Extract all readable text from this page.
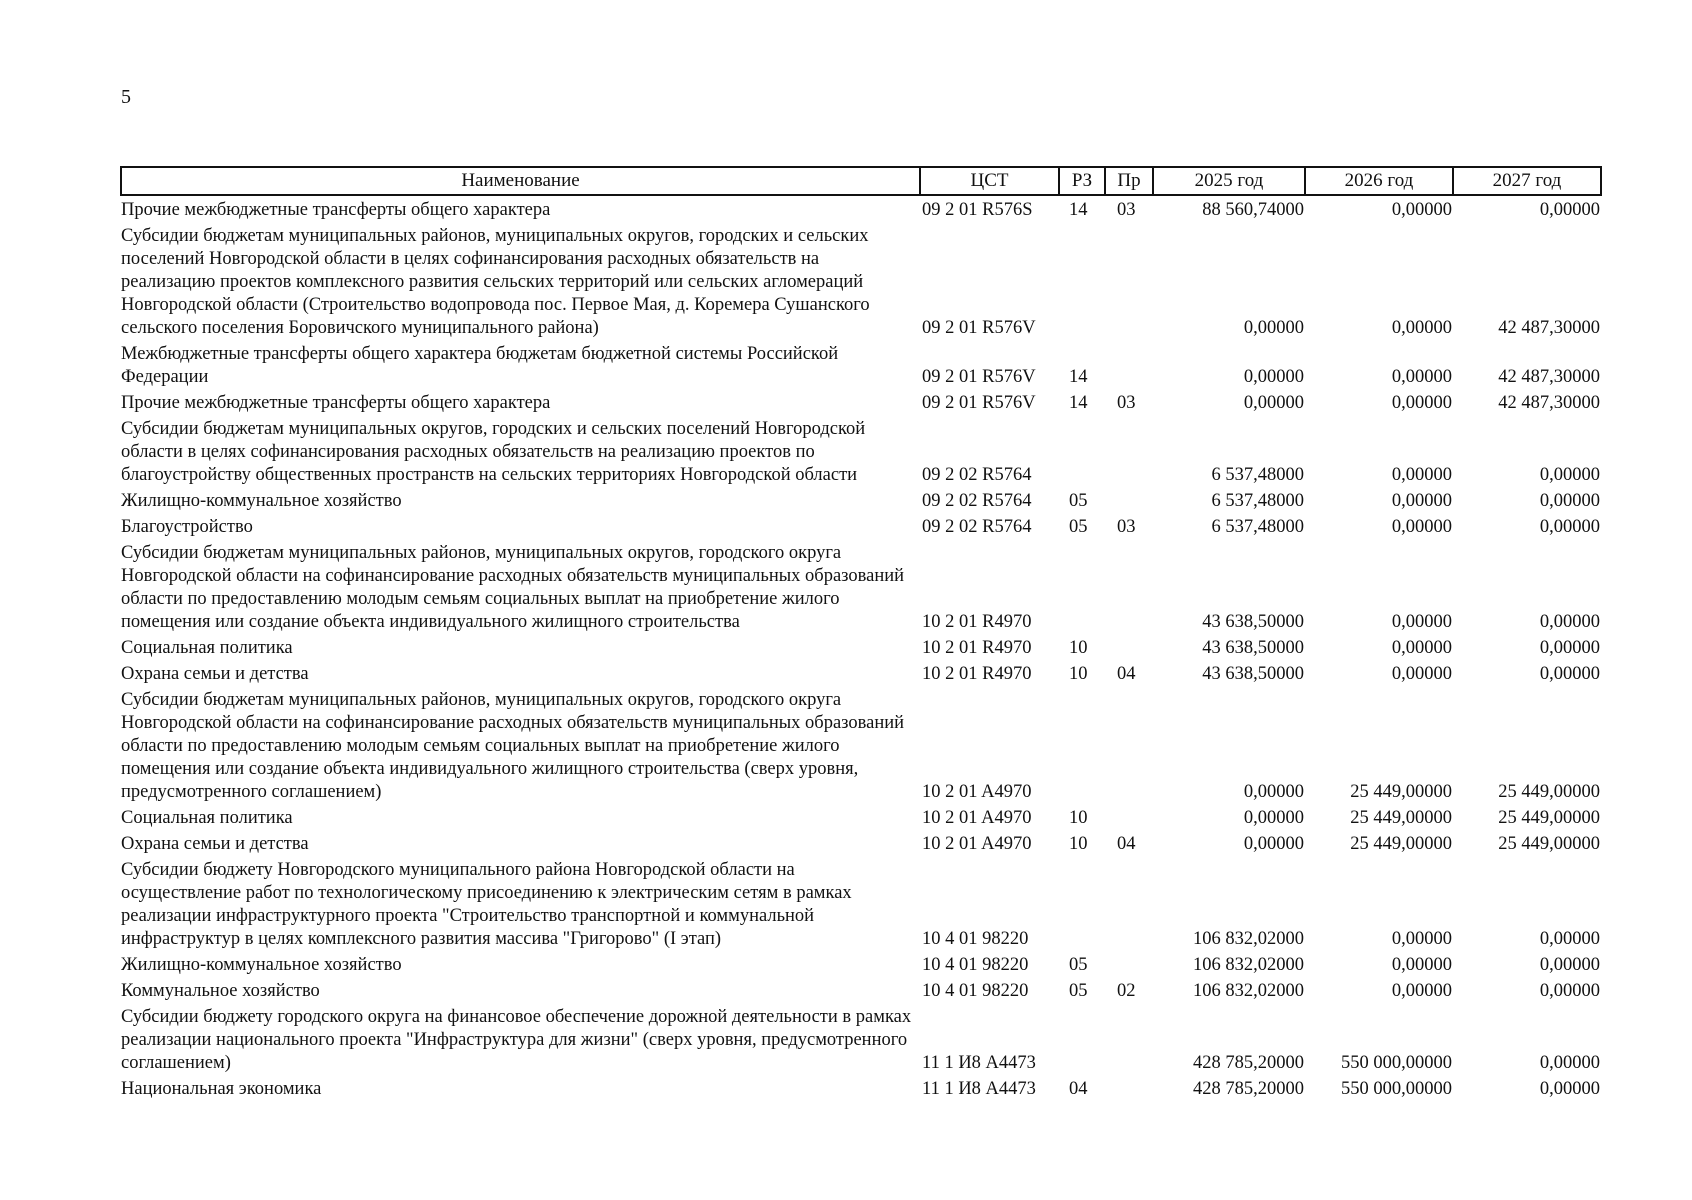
5
Наименование	ЦСТ	РЗ	Пр	2025 год	2026 год	2027 год
Прочие межбюджетные трансферты общего характера	09 2 01 R576S	14	03	88 560,74000	0,00000	0,00000
Субсидии бюджетам муниципальных районов, муниципальных округов, городских и сельских поселений Новгородской области в целях софинансирования расходных обязательств на реализацию проектов комплексного развития сельских территорий или сельских агломераций Новгородской области (Строительство водопровода пос. Первое Мая, д. Коремера Сушанского сельского поселения Боровичского муниципального района)	09 2 01 R576V			0,00000	0,00000	42 487,30000
Межбюджетные трансферты общего характера бюджетам бюджетной системы Российской Федерации	09 2 01 R576V	14		0,00000	0,00000	42 487,30000
Прочие межбюджетные трансферты общего характера	09 2 01 R576V	14	03	0,00000	0,00000	42 487,30000
Субсидии бюджетам муниципальных округов, городских и сельских поселений Новгородской области в целях софинансирования расходных обязательств на реализацию проектов по благоустройству общественных пространств на сельских территориях Новгородской области	09 2 02 R5764			6 537,48000	0,00000	0,00000
Жилищно-коммунальное хозяйство	09 2 02 R5764	05		6 537,48000	0,00000	0,00000
Благоустройство	09 2 02 R5764	05	03	6 537,48000	0,00000	0,00000
Субсидии бюджетам муниципальных районов, муниципальных округов, городского округа Новгородской области на софинансирование расходных обязательств муниципальных образований области по предоставлению молодым семьям социальных выплат на приобретение жилого помещения или создание объекта индивидуального жилищного строительства	10 2 01 R4970			43 638,50000	0,00000	0,00000
Социальная политика	10 2 01 R4970	10		43 638,50000	0,00000	0,00000
Охрана семьи и детства	10 2 01 R4970	10	04	43 638,50000	0,00000	0,00000
Субсидии бюджетам муниципальных районов, муниципальных округов, городского округа Новгородской области на софинансирование расходных обязательств муниципальных образований области по предоставлению молодым семьям социальных выплат на приобретение жилого помещения или создание объекта индивидуального жилищного строительства (сверх уровня, предусмотренного соглашением)	10 2 01 A4970			0,00000	25 449,00000	25 449,00000
Социальная политика	10 2 01 A4970	10		0,00000	25 449,00000	25 449,00000
Охрана семьи и детства	10 2 01 A4970	10	04	0,00000	25 449,00000	25 449,00000
Субсидии бюджету Новгородского муниципального района Новгородской области на осуществление работ по технологическому присоединению к электрическим сетям в рамках реализации инфраструктурного проекта "Строительство транспортной и коммунальной инфраструктур в целях комплексного развития массива "Григорово" (I этап)	10 4 01 98220			106 832,02000	0,00000	0,00000
Жилищно-коммунальное хозяйство	10 4 01 98220	05		106 832,02000	0,00000	0,00000
Коммунальное хозяйство	10 4 01 98220	05	02	106 832,02000	0,00000	0,00000
Субсидии бюджету городского округа на финансовое обеспечение дорожной деятельности в рамках реализации национального проекта "Инфраструктура для жизни" (сверх уровня, предусмотренного соглашением)	11 1 И8 А4473			428 785,20000	550 000,00000	0,00000
Национальная экономика	11 1 И8 А4473	04		428 785,20000	550 000,00000	0,00000
